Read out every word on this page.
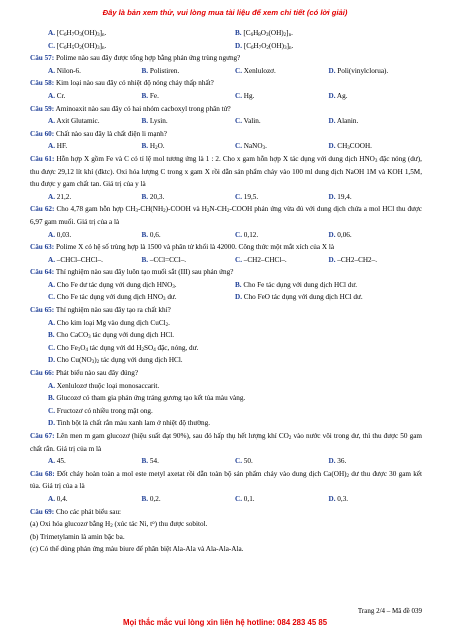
Đây là bản xem thử, vui lòng mua tài liệu để xem chi tiết (có lời giải)
A. $[C_6H_7O_3(OH)_3]_n$.	B. $[C_6H_8O_3(OH)_2]_n$.
C. $[C_6H_5O_2(OH)_3]_n$.	D. $[C_6H_7O_2(OH)_3]_n$.
Câu 57: Polime nào sau đây được tổng hợp bằng phản ứng trùng ngưng?
A. Nilon-6.	B. Polistiren.	C. Xenlulozơ.	D. Poli(vinylclorua).
Câu 58: Kim loại nào sau đây có nhiệt độ nóng chảy thấp nhất?
A. Cr.	B. Fe.	C. Hg.	D. Ag.
Câu 59: Aminoaxit nào sau đây có hai nhóm cacboxyl trong phân tử?
A. Axit Glutamic.	B. Lysin.	C. Valin.	D. Alanin.
Câu 60: Chất nào sau đây là chất điện li mạnh?
A. HF.	B. $H_2O$.	C. NaNO$_3$.	D. $CH_3COOH$.
Câu 61: Hỗn hợp X gồm Fe và C có tỉ lệ mol tương ứng là 1 : 2. Cho x gam hỗn hợp X tác dụng với dung dịch $HNO_3$ đặc nóng (dư), thu được 29,12 lít khí (đktc). Oxi hóa lượng C trong x gam X rồi dẫn sản phẩm cháy vào 100 ml dung dịch NaOH 1M và KOH 1,5M, thu được y gam chất tan. Giá trị của y là
A. 21,2.	B. 20,3.	C. 19,5.	D. 19,4.
Câu 62: Cho 4,78 gam hỗn hợp $CH_3-CH(NH_2)$-COOH và $H_2N-CH_2$-COOH phản ứng vừa đủ với dung dịch chứa a mol HCl thu được 6,97 gam muối. Giá trị của a là
A. 0,03.	B. 0,6.	C. 0,12.	D. 0,06.
Câu 63: Polime X có hệ số trùng hợp là 1500 và phân tử khối là 42000. Công thức một mắt xích của X là
A. –CHCl–CHCl–.	B. –CCl=CCl–.	C. –CH2–CHCl–.	D. –CH2–CH2–.
Câu 64: Thí nghiệm nào sau đây luôn tạo muối sắt (III) sau phản ứng?
A. Cho Fe dư tác dụng với dung dịch $HNO_3$.	B. Cho Fe tác dụng với dung dịch HCl dư.
C. Cho Fe tác dụng với dung dịch $HNO_3$ dư.	D. Cho FeO tác dụng với dung dịch HCl dư.
Câu 65: Thí nghiệm nào sau đây tạo ra chất khí?
A. Cho kim loại Mg vào dung dịch CuCl$_2$.
B. Cho CaCO$_3$ tác dụng với dung dịch HCl.
C. Cho $Fe_3O_4$ tác dụng với dd $H_2SO_4$ đặc, nóng, dư.
D. Cho $Cu(NO_3)_2$ tác dụng với dung dịch HCl.
Câu 66: Phát biểu nào sau đây đúng?
A. Xenlulozơ thuộc loại monosaccarit.
B. Glucozơ có tham gia phản ứng tráng gương tạo kết tủa màu vàng.
C. Fructozơ có nhiều trong mật ong.
D. Tinh bột là chất rắn màu xanh lam ở nhiệt độ thường.
Câu 67: Lên men m gam glucozơ (hiệu suất đạt 90%), sau đó hấp thụ hết lượng khí $CO_2$ vào nước vôi trong dư, thì thu được 50 gam chất rắn. Giá trị của m là
A. 45.	B. 54.	C. 50.	D. 36.
Câu 68: Đốt cháy hoàn toàn a mol este metyl axetat rồi dẫn toàn bộ sản phẩm cháy vào dung dịch $Ca(OH)_2$ dư thu được 30 gam kết tủa. Giá trị của a là
A. 0,4.	B. 0,2.	C. 0,1.	D. 0,3.
Câu 69: Cho các phát biểu sau:
(a) Oxi hóa glucozơ bằng $H_2$ (xúc tác Ni, $t^o$) thu được sobitol.
(b) Trimetylamin là amin bậc ba.
(c) Có thể dùng phản ứng màu biure để phân biệt Ala-Ala và Ala-Ala-Ala.
Trang 2/4 – Mã đề 039
Mọi thắc mắc vui lòng xin liên hệ hotline: 084 283 45 85
